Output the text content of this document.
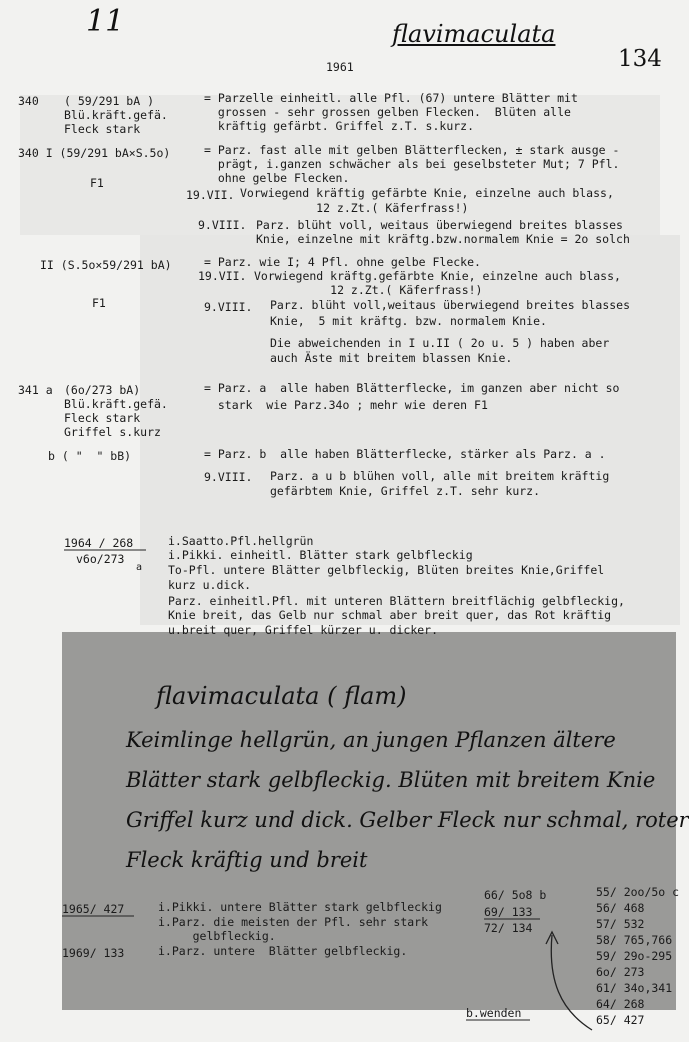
11	flavimaculata
134
1961
340 ( 59/291 bA )
Blü.kräft.gefä.
Fleck stark
= Parzelle einheitl. alle Pfl. (67) untere Blätter mit
grossen - sehr grossen gelben Flecken.  Blüten alle
kräftig gefärbt. Griffel z.T. s.kurz.
340 I (59/291 bA×S.5o)	= Parz. fast alle mit gelben Blätterflecken, ± stark ausge -
prägt, i.ganzen schwächer als bei geselbsteter Mut; 7 Pfl.
ohne gelbe Flecken.
F1
19.VII. Vorwiegend kräftig gefärbte Knie, einzelne auch blass,
12 z.Zt.( Käferfrass!)
9.VIII. Parz. blüht voll, weitaus überwiegend breites blasses
Knie, einzelne mit kräftg.bzw.normalem Knie = 2o solch
II (S.5o×59/291 bA)	= Parz. wie I; 4 Pfl. ohne gelbe Flecke.
19.VII. Vorwiegend kräftg.gefärbte Knie, einzelne auch blass,
12 z.Zt.( Käferfrass!)
F1	9.VIII. Parz. blüht voll,weitaus überwiegend breites blasses
Knie,  5 mit kräftg. bzw. normalem Knie.
Die abweichenden in I u.II ( 2o u. 5 ) haben aber
auch Äste mit breitem blassen Knie.
341 a (6o/273 bA)
Blü.kräft.gefä.
Fleck stark
Griffel s.kurz
= Parz. a  alle haben Blätterflecke, im ganzen aber nicht so
stark  wie Parz.34o ; mehr wie deren F1
b ( "  " bB)	= Parz. b  alle haben Blätterflecke, stärker als Parz. a .
9.VIII. Parz. a u b blühen voll, alle mit breitem kräftig
gefärbtem Knie, Griffel z.T. sehr kurz.
1964 / 268
v6o/273
a
i.Saatto.Pfl.hellgrün
i.Pikki. einheitl. Blätter stark gelbfleckig
To-Pfl. untere Blätter gelbfleckig, Blüten breites Knie,Griffel
kurz u.dick.
Parz. einheitl.Pfl. mit unteren Blättern breitflächig gelbfleckig,
Knie breit, das Gelb nur schmal aber breit quer, das Rot kräftig
u.breit quer, Griffel kürzer u. dicker.
flavimaculata ( flam)
Keimlinge hellgrün, an jungen Pflanzen ältere
Blätter stark gelbfleckig. Blüten mit breitem Knie
Griffel kurz und dick. Gelber Fleck nur schmal, roter
Fleck kräftig und breit
1965/ 427	i.Pikki. untere Blätter stark gelbfleckig
i.Parz. die meisten der Pfl. sehr stark
gelbfleckig.
1969/ 133	i.Parz. untere  Blätter gelbfleckig.
66/ 5o8 b
69/ 133
72/ 134
55/ 2oo/5o c
56/ 468
57/ 532
58/ 765,766
59/ 29o-295
6o/ 273
61/ 34o,341
64/ 268
65/ 427
b.wenden
